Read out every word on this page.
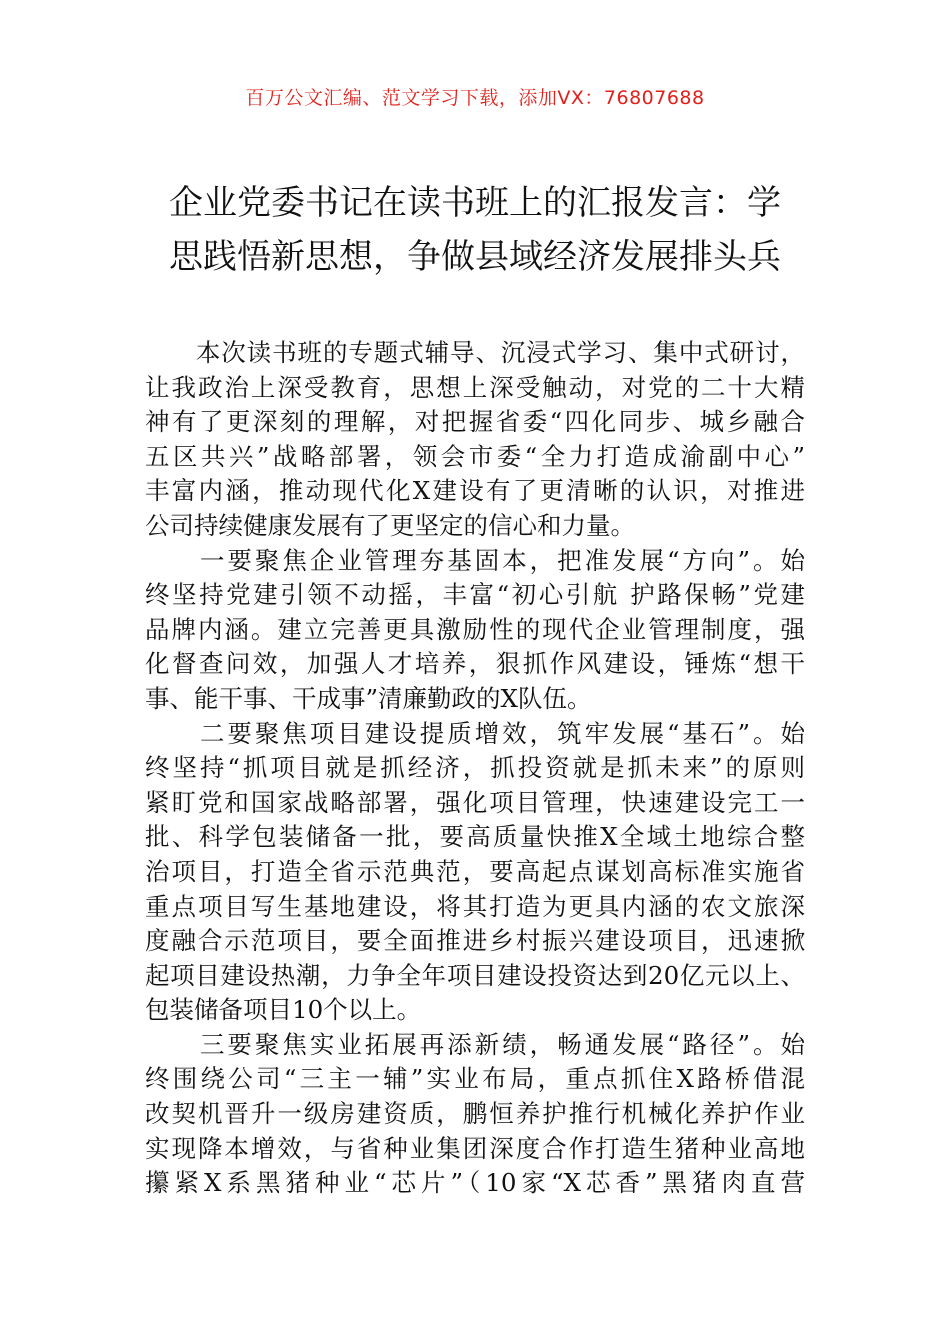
百万公文汇编、范文学习下载，添加VX：76807688
企业党委书记在读书班上的汇报发言：学
思践悟新思想，争做县域经济发展排头兵

　　本次读书班的专题式辅导、沉浸式学习、集中式研讨，
让我政治上深受教育，思想上深受触动，对党的二十大精
神有了更深刻的理解，对把握省委“四化同步、城乡融合
五区共兴”战略部署，领会市委“全力打造成渝副中心”
丰富内涵，推动现代化X建设有了更清晰的认识，对推进
公司持续健康发展有了更坚定的信心和力量。

　　一要聚焦企业管理夯基固本，把准发展“方向”。始
终坚持党建引领不动摇，丰富“初心引航 护路保畅”党建
品牌内涵。建立完善更具激励性的现代企业管理制度，强
化督查问效，加强人才培养，狠抓作风建设，锤炼“想干
事、能干事、干成事”清廉勤政的X队伍。

　　二要聚焦项目建设提质增效，筑牢发展“基石”。始
终坚持“抓项目就是抓经济，抓投资就是抓未来”的原则
紧盯党和国家战略部署，强化项目管理，快速建设完工一
批、科学包装储备一批，要高质量快推X全域土地综合整
治项目，打造全省示范典范，要高起点谋划高标准实施省
重点项目写生基地建设，将其打造为更具内涵的农文旅深
度融合示范项目，要全面推进乡村振兴建设项目，迅速掀
起项目建设热潮，力争全年项目建设投资达到20亿元以上、
包装储备项目10个以上。

　　三要聚焦实业拓展再添新绩，畅通发展“路径”。始
终围绕公司“三主一辅”实业布局，重点抓住X路桥借混
改契机晋升一级房建资质，鹏恒养护推行机械化养护作业
实现降本增效，与省种业集团深度合作打造生猪种业高地
攥紧X系黑猪种业“芯片”（10家“X芯香”黑猪肉直营
